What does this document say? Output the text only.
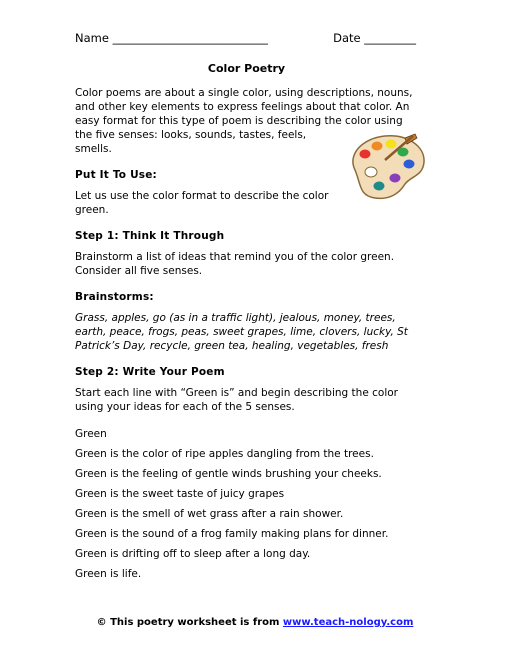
Name ___________________________	Date _________
Color Poetry

Color poems are about a single color, using descriptions, nouns, and other key elements to express feelings about that color. An easy format for this type of poem is describing the color using
the five senses: looks, sounds, tastes, feels, smells.

Put It To Use:

Let us use the color format to describe the color green.

Step 1: Think It Through

Brainstorm a list of ideas that remind you of the color green. Consider all five senses.

Brainstorms:

Grass, apples, go (as in a traffic light), jealous, money, trees, earth, peace, frogs, peas, sweet grapes, lime, clovers, lucky, St Patrick’s Day, recycle, green tea, healing, vegetables, fresh

Step 2: Write Your Poem

Start each line with “Green is” and begin describing the color using your ideas for each of the 5 senses.

Green

Green is the color of ripe apples dangling from the trees.

Green is the feeling of gentle winds brushing your cheeks.

Green is the sweet taste of juicy grapes

Green is the smell of wet grass after a rain shower.

Green is the sound of a frog family making plans for dinner.

Green is drifting off to sleep after a long day.

Green is life.

© This poetry worksheet is from www.teach-nology.com
